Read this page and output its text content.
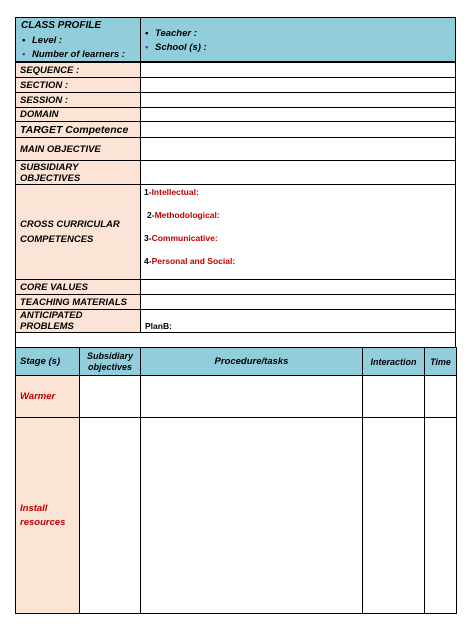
CLASS PROFILE
• Level :
• Number of learners :
• Teacher :
• School (s) :
SEQUENCE :	
SECTION :	
SESSION :	
DOMAIN	
TARGET Competence	
MAIN OBJECTIVE	
SUBSIDIARY OBJECTIVES	
CROSS CURRICULAR COMPETENCES	1-Intellectual:
2-Methodological:
3-Communicative:
4-Personal and Social:

CORE VALUES	
TEACHING MATERIALS	
ANTICIPATED PROBLEMS	PlanB:

Stage (s)	Subsidiary objectives	Procedure/tasks	Interaction	Time
Warmer				
Install resources				
